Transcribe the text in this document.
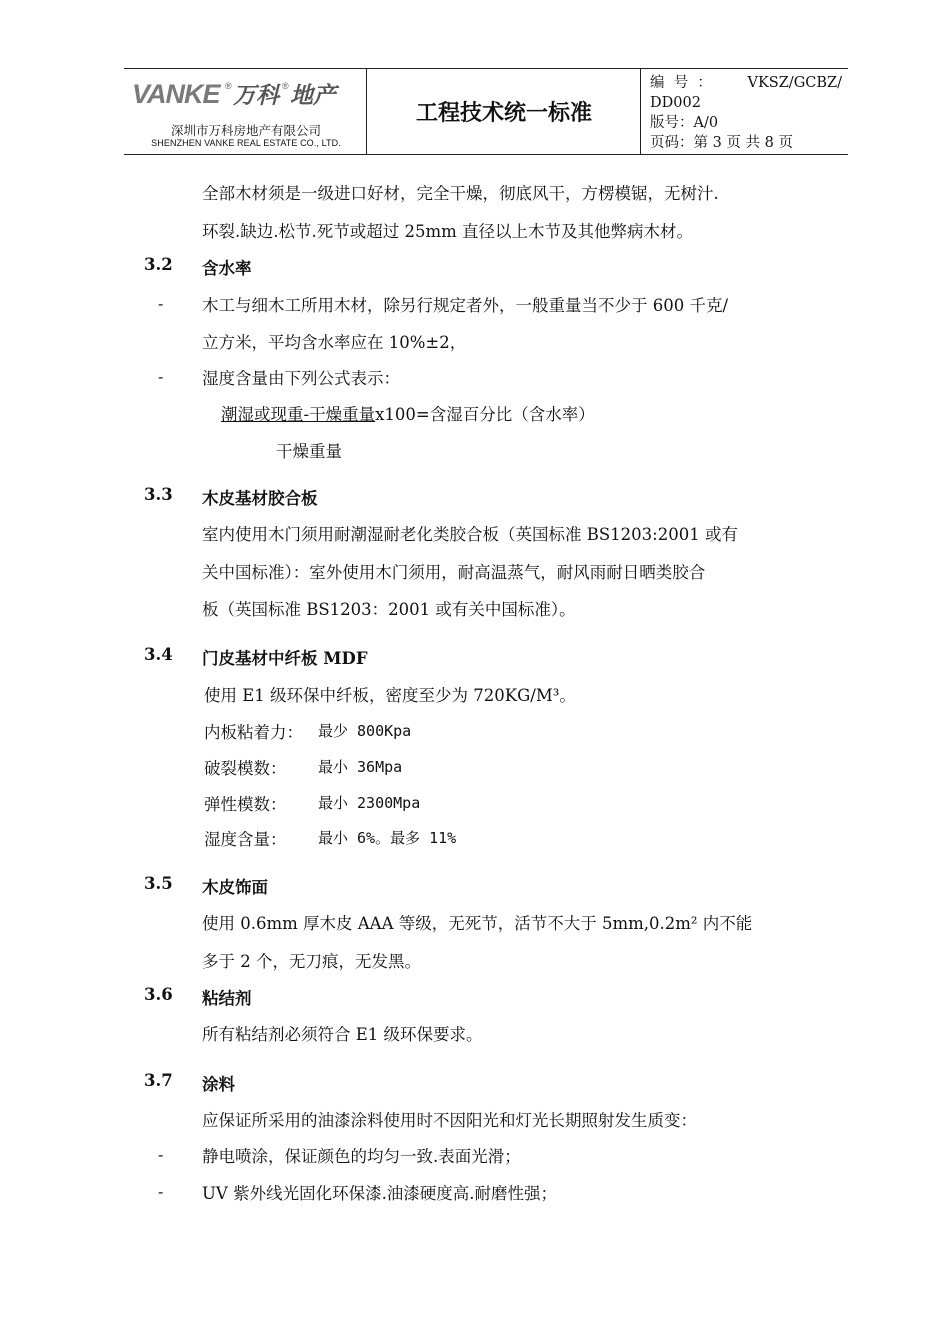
VANKE ® 万科 ® 地产
深圳市万科房地产有限公司
SHENZHEN VANKE REAL ESTATE CO., LTD.
工程技术统一标准
编  号  ： VKSZ/GCBZ/
DD002
版号：A/0
页码：第 3 页 共 8 页
全部木材须是一级进口好材，完全干燥，彻底风干，方楞模锯，无树汁.
环裂.缺边.松节.死节或超过 25mm 直径以上木节及其他弊病木材。
3.2 含水率
- 木工与细木工所用木材，除另行规定者外，一般重量当不少于 600 千克/
立方米，平均含水率应在 10%±2，
- 湿度含量由下列公式表示：
潮湿或现重-干燥重量x100=含湿百分比（含水率）
干燥重量
3.3 木皮基材胶合板
室内使用木门须用耐潮湿耐老化类胶合板（英国标准 BS1203:2001 或有
关中国标准）：室外使用木门须用，耐高温蒸气，耐风雨耐日晒类胶合
板（英国标准 BS1203：2001 或有关中国标准）。
3.4 门皮基材中纤板 MDF
使用 E1 级环保中纤板，密度至少为 720KG/M³。
内板粘着力： 最少 800Kpa
破裂模数： 最小 36Mpa
弹性模数： 最小 2300Mpa
湿度含量： 最小 6%。最多 11%
3.5 木皮饰面
使用 0.6mm 厚木皮 AAA 等级，无死节，活节不大于 5mm,0.2m² 内不能
多于 2 个，无刀痕，无发黑。
3.6 粘结剂
所有粘结剂必须符合 E1 级环保要求。
3.7 涂料
应保证所采用的油漆涂料使用时不因阳光和灯光长期照射发生质变：
- 静电喷涂，保证颜色的均匀一致.表面光滑；
- UV 紫外线光固化环保漆.油漆硬度高.耐磨性强；
